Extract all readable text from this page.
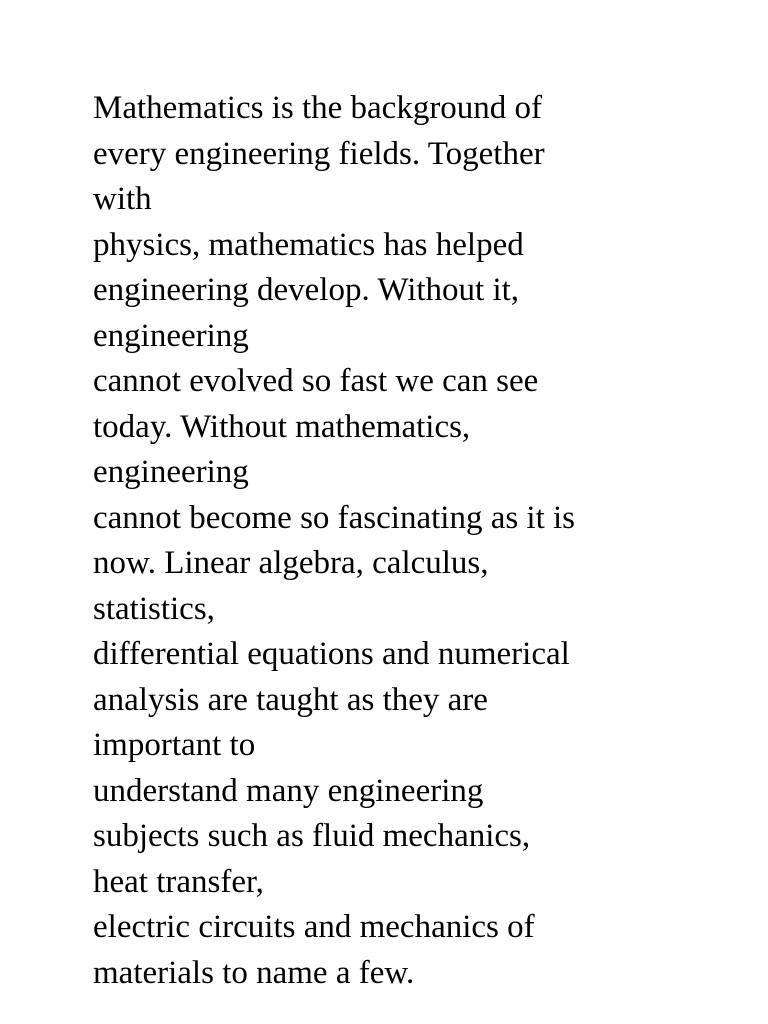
Mathematics is the background of
every engineering fields. Together
with
physics, mathematics has helped
engineering develop. Without it,
engineering
cannot evolved so fast we can see
today. Without mathematics,
engineering
cannot become so fascinating as it is
now. Linear algebra, calculus,
statistics,
differential equations and numerical
analysis are taught as they are
important to
understand many engineering
subjects such as fluid mechanics,
heat transfer,
electric circuits and mechanics of
materials to name a few.
